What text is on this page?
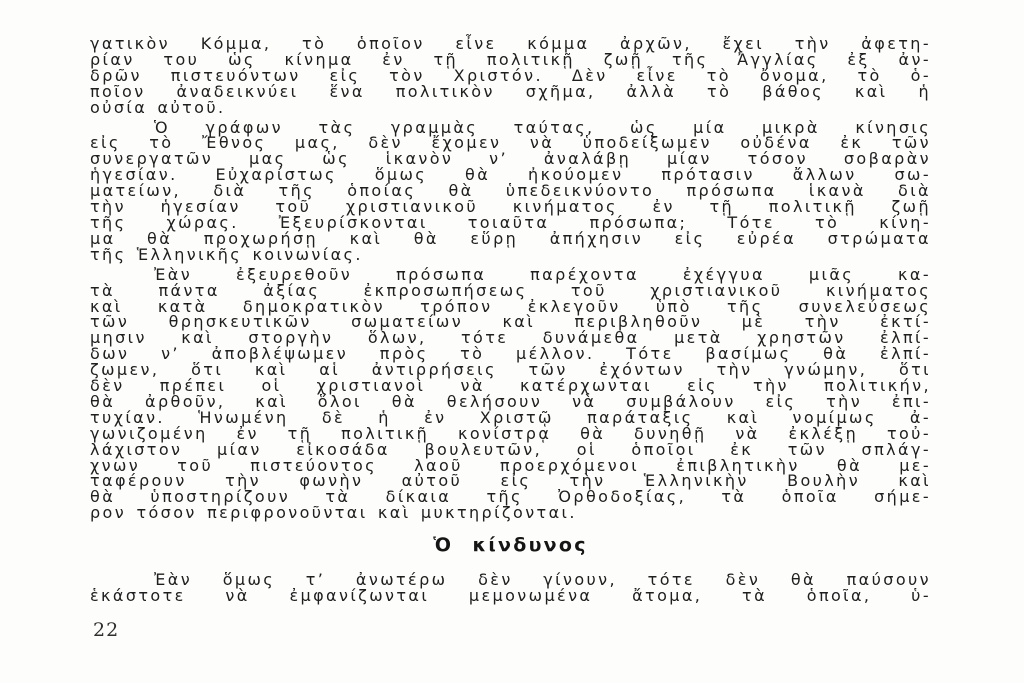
γατικὸν Κόμμα, τὸ ὁποῖον εἶνε κόμμα ἀρχῶν, ἔχει τὴν ἀφετη-
ρίαν του ὡς κίνημα ἐν τῇ πολιτικῇ ζωῇ τῆς Ἀγγλίας ἐξ ἀν-
δρῶν πιστευόντων εἰς τὸν Χριστόν. Δὲν εἶνε τὸ ὄνομα, τὸ ὁ-
ποῖον ἀναδεικνύει ἕνα πολιτικὸν σχῆμα, ἀλλὰ τὸ βάθος καὶ ἡ
οὐσία αὐτοῦ.

Ὁ γράφων τὰς γραμμὰς ταύτας, ὡς μία μικρὰ κίνησις
εἰς τὸ Ἔθνος μας, δὲν ἔχομεν νὰ ὑποδείξωμεν οὐδένα ἐκ τῶν
συνεργατῶν μας ὡς ἱκανὸν ν’ ἀναλάβῃ μίαν τόσον σοβαρὰν
ἡγεσίαν. Εὐχαρίστως ὅμως θὰ ἠκούομεν πρότασιν ἄλλων σω-
ματείων, διὰ τῆς ὁποίας θὰ ὑπεδεικνύοντο πρόσωπα ἱκανὰ διὰ
τὴν ἡγεσίαν τοῦ χριστιανικοῦ κινήματος ἐν τῇ πολιτικῇ ζωῇ
τῆς χώρας. Ἐξευρίσκονται τοιαῦτα πρόσωπα; Τότε τὸ κίνη-
μα θὰ προχωρήσῃ καὶ θὰ εὕρῃ ἀπήχησιν εἰς εὐρέα στρώματα
τῆς Ἑλληνικῆς κοινωνίας.

Ἐὰν ἐξευρεθοῦν πρόσωπα παρέχοντα ἐχέγγυα μιᾶς κα-
τὰ πάντα ἀξίας ἐκπροσωπήσεως τοῦ χριστιανικοῦ κινήματος
καὶ κατὰ δημοκρατικὸν τρόπον ἐκλεγοῦν ὑπὸ τῆς συνελεύσεως
τῶν θρησκευτικῶν σωματείων καὶ περιβληθοῦν μὲ τὴν ἐκτί-
μησιν καὶ στοργὴν ὅλων, τότε δυνάμεθα μετὰ χρηστῶν ἐλπί-
δων ν’ ἀποβλέψωμεν πρὸς τὸ μέλλον. Τότε βασίμως θὰ ἐλπί-
ζωμεν, ὅτι καὶ αἱ ἀντιρρήσεις τῶν ἐχόντων τὴν γνώμην, ὅτι
δὲν πρέπει οἱ χριστιανοὶ νὰ κατέρχωνται εἰς τὴν πολιτικήν,
θὰ ἀρθοῦν, καὶ ὅλοι θὰ θελήσουν νὰ συμβάλουν εἰς τὴν ἐπι-
τυχίαν. Ἡνωμένη δὲ ἡ ἐν Χριστῷ παράταξις καὶ νομίμως ἀ-
γωνιζομένη ἐν τῇ πολιτικῇ κονίστρᾳ θὰ δυνηθῇ νὰ ἐκλέξῃ τοὐ-
λάχιστον μίαν εἰκοσάδα βουλευτῶν, οἱ ὁποῖοι ἐκ τῶν σπλάγ-
χνων τοῦ πιστεύοντος λαοῦ προερχόμενοι ἐπιβλητικὴν θὰ με-
ταφέρουν τὴν φωνὴν αὐτοῦ εἰς τὴν Ἑλληνικὴν Βουλὴν καὶ
θὰ ὑποστηρίζουν τὰ δίκαια τῆς Ὀρθοδοξίας, τὰ ὁποῖα σήμε-
ρον τόσον περιφρονοῦνται καὶ μυκτηρίζονται.

Ὁ κίνδυνος

Ἐὰν ὅμως τ’ ἀνωτέρω δὲν γίνουν, τότε δὲν θὰ παύσουν
ἑκάστοτε νὰ ἐμφανίζωνται μεμονωμένα ἄτομα, τὰ ὁποῖα, ὑ-

22
